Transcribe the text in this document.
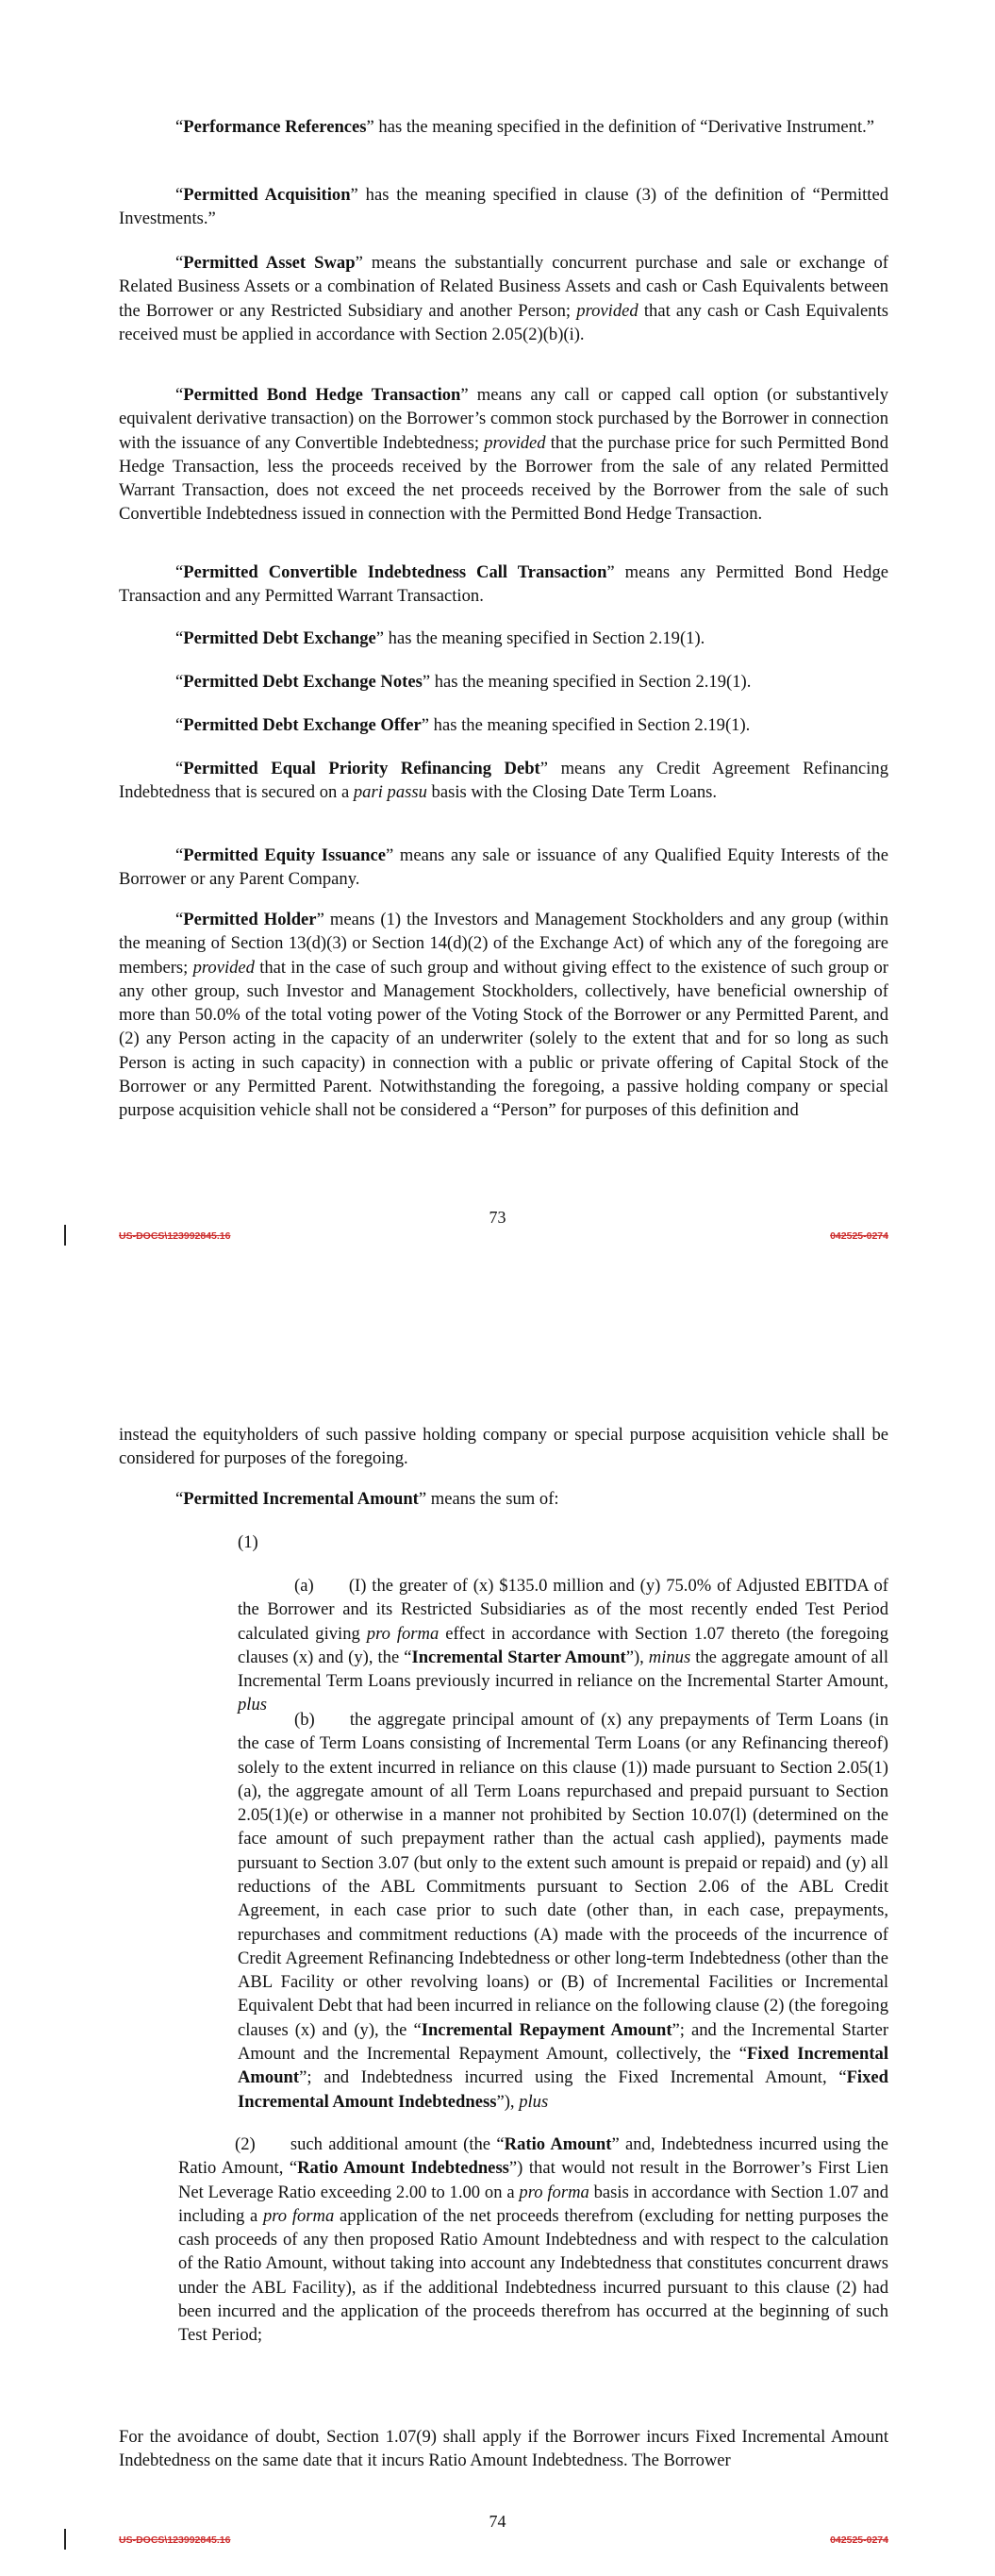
“Performance References” has the meaning specified in the definition of “Derivative Instrument.”

“Permitted Acquisition” has the meaning specified in clause (3) of the definition of “Permitted Investments.”

“Permitted Asset Swap” means the substantially concurrent purchase and sale or exchange of Related Business Assets or a combination of Related Business Assets and cash or Cash Equivalents between the Borrower or any Restricted Subsidiary and another Person; provided that any cash or Cash Equivalents received must be applied in accordance with Section 2.05(2)(b)(i).

“Permitted Bond Hedge Transaction” means any call or capped call option (or substantively equivalent derivative transaction) on the Borrower’s common stock purchased by the Borrower in connection with the issuance of any Convertible Indebtedness; provided that the purchase price for such Permitted Bond Hedge Transaction, less the proceeds received by the Borrower from the sale of any related Permitted Warrant Transaction, does not exceed the net proceeds received by the Borrower from the sale of such Convertible Indebtedness issued in connection with the Permitted Bond Hedge Transaction.

“Permitted Convertible Indebtedness Call Transaction” means any Permitted Bond Hedge Transaction and any Permitted Warrant Transaction.

“Permitted Debt Exchange” has the meaning specified in Section 2.19(1).

“Permitted Debt Exchange Notes” has the meaning specified in Section 2.19(1).

“Permitted Debt Exchange Offer” has the meaning specified in Section 2.19(1).

“Permitted Equal Priority Refinancing Debt” means any Credit Agreement Refinancing Indebtedness that is secured on a pari passu basis with the Closing Date Term Loans.

“Permitted Equity Issuance” means any sale or issuance of any Qualified Equity Interests of the Borrower or any Parent Company.

“Permitted Holder” means (1) the Investors and Management Stockholders and any group (within the meaning of Section 13(d)(3) or Section 14(d)(2) of the Exchange Act) of which any of the foregoing are members; provided that in the case of such group and without giving effect to the existence of such group or any other group, such Investor and Management Stockholders, collectively, have beneficial ownership of more than 50.0% of the total voting power of the Voting Stock of the Borrower or any Permitted Parent, and (2) any Person acting in the capacity of an underwriter (solely to the extent that and for so long as such Person is acting in such capacity) in connection with a public or private offering of Capital Stock of the Borrower or any Permitted Parent. Notwithstanding the foregoing, a passive holding company or special purpose acquisition vehicle shall not be considered a “Person” for purposes of this definition and

73
US-DOCS\123992845.16	042525-0274

instead the equityholders of such passive holding company or special purpose acquisition vehicle shall be considered for purposes of the foregoing.

“Permitted Incremental Amount” means the sum of:

(1)

(a)  (I) the greater of (x) $135.0 million and (y) 75.0% of Adjusted EBITDA of the Borrower and its Restricted Subsidiaries as of the most recently ended Test Period calculated giving pro forma effect in accordance with Section 1.07 thereto (the foregoing clauses (x) and (y), the “Incremental Starter Amount”), minus the aggregate amount of all Incremental Term Loans previously incurred in reliance on the Incremental Starter Amount, plus

(b)  the aggregate principal amount of (x) any prepayments of Term Loans (in the case of Term Loans consisting of Incremental Term Loans (or any Refinancing thereof) solely to the extent incurred in reliance on this clause (1)) made pursuant to Section 2.05(1)(a), the aggregate amount of all Term Loans repurchased and prepaid pursuant to Section 2.05(1)(e) or otherwise in a manner not prohibited by Section 10.07(l) (determined on the face amount of such prepayment rather than the actual cash applied), payments made pursuant to Section 3.07 (but only to the extent such amount is prepaid or repaid) and (y) all reductions of the ABL Commitments pursuant to Section 2.06 of the ABL Credit Agreement, in each case prior to such date (other than, in each case, prepayments, repurchases and commitment reductions (A) made with the proceeds of the incurrence of Credit Agreement Refinancing Indebtedness or other long-term Indebtedness (other than the ABL Facility or other revolving loans) or (B) of Incremental Facilities or Incremental Equivalent Debt that had been incurred in reliance on the following clause (2) (the foregoing clauses (x) and (y), the “Incremental Repayment Amount”; and the Incremental Starter Amount and the Incremental Repayment Amount, collectively, the “Fixed Incremental Amount”; and Indebtedness incurred using the Fixed Incremental Amount, “Fixed Incremental Amount Indebtedness”), plus

(2)  such additional amount (the “Ratio Amount” and, Indebtedness incurred using the Ratio Amount, “Ratio Amount Indebtedness”) that would not result in the Borrower’s First Lien Net Leverage Ratio exceeding 2.00 to 1.00 on a pro forma basis in accordance with Section 1.07 and including a pro forma application of the net proceeds therefrom (excluding for netting purposes the cash proceeds of any then proposed Ratio Amount Indebtedness and with respect to the calculation of the Ratio Amount, without taking into account any Indebtedness that constitutes concurrent draws under the ABL Facility), as if the additional Indebtedness incurred pursuant to this clause (2) had been incurred and the application of the proceeds therefrom has occurred at the beginning of such Test Period;

For the avoidance of doubt, Section 1.07(9) shall apply if the Borrower incurs Fixed Incremental Amount Indebtedness on the same date that it incurs Ratio Amount Indebtedness. The Borrower

74
US-DOCS\123992845.16	042525-0274
